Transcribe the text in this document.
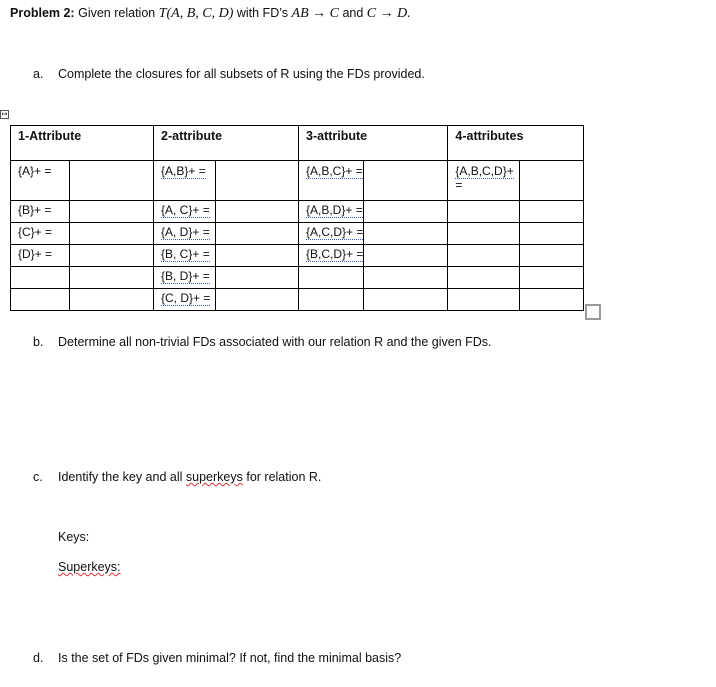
↦
Problem 2: Given relation T(A, B, C, D) with FD’s AB → C and C → D.
a. Complete the closures for all subsets of R using the FDs provided.
1-Attribute		2-attribute		3-attribute		4-attributes	
{A}+ =		{A,B}+ =		{A,B,C}+ =		{A,B,C,D}+
=	
{B}+ =		{A, C}+ =		{A,B,D}+ =			
{C}+ =		{A, D}+ =		{A,C,D}+ =			
{D}+ =		{B, C}+ =		{B,C,D}+ =			
		{B, D}+ =					
		{C, D}+ =					
b. Determine all non-trivial FDs associated with our relation R and the given FDs.
c. Identify the key and all superkeys for relation R.
Keys:
Superkeys:
d. Is the set of FDs given minimal? If not, find the minimal basis?
